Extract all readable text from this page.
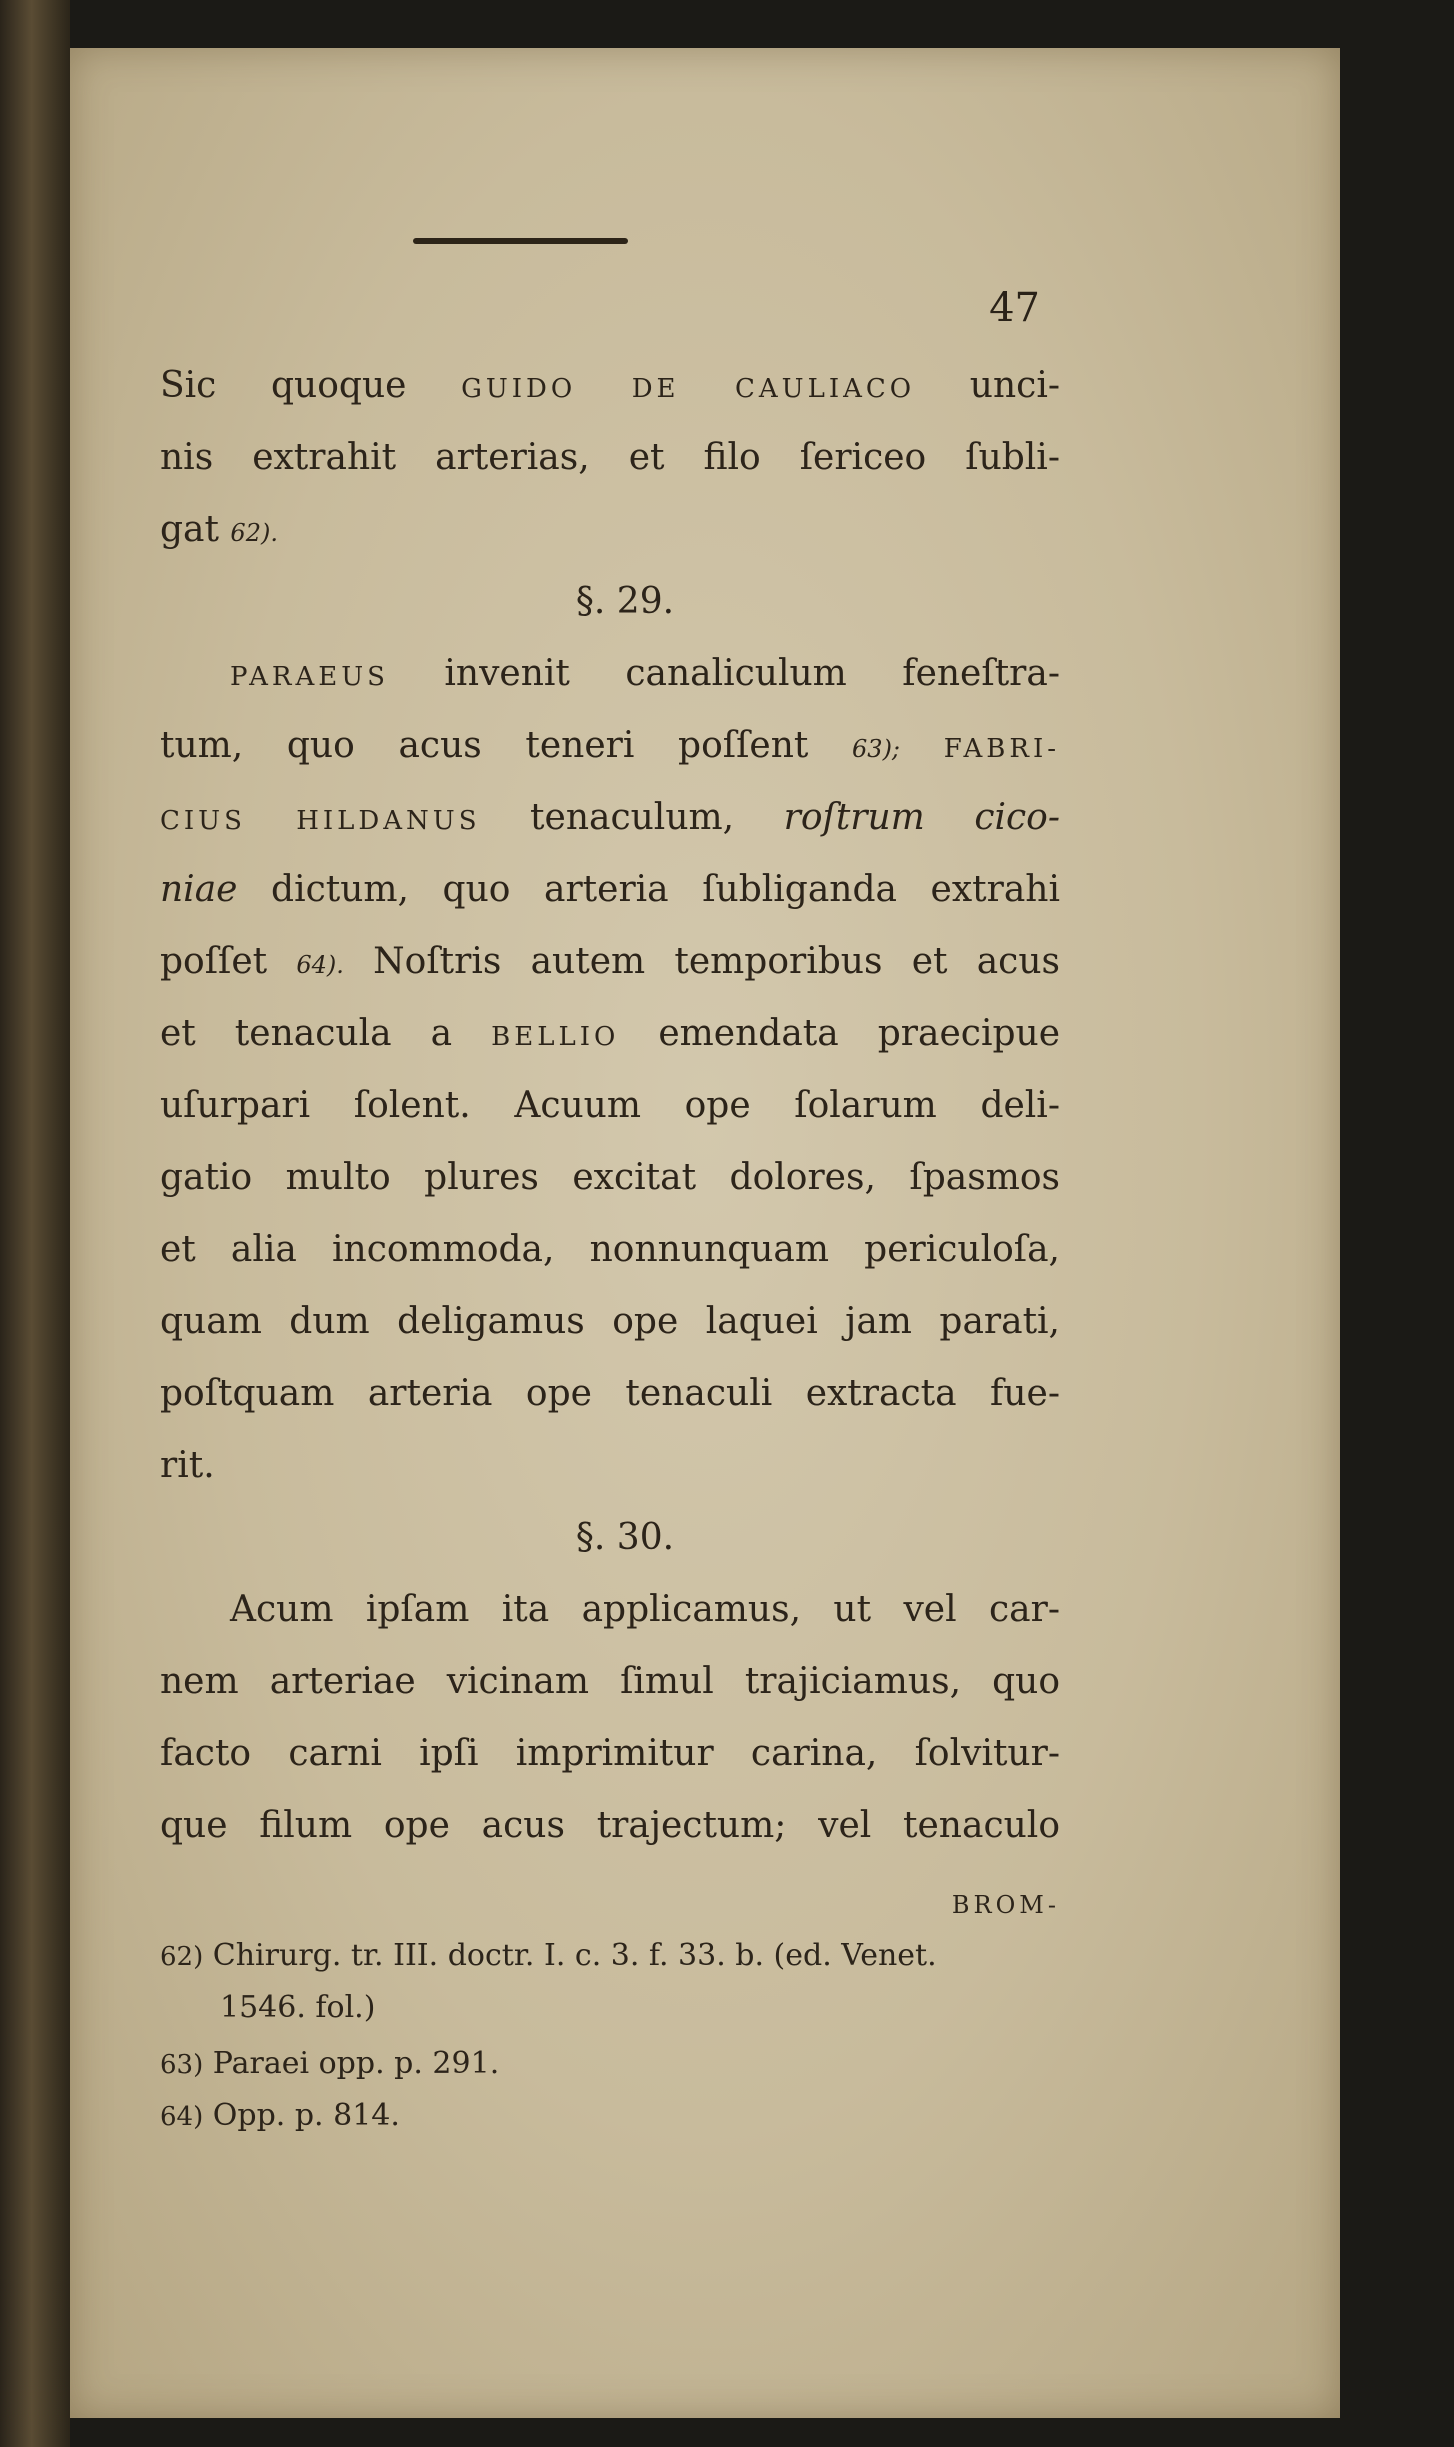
47
Sic quoque GUIDO DE CAULIACO unci-
nis extrahit arterias, et filo ſericeo ſubli-
gat 62).
§. 29.
PARAEUS invenit canaliculum feneſtra-
tum, quo acus teneri poſſent 63); FABRI-
CIUS HILDANUS tenaculum, roſtrum cico-
niae dictum, quo arteria ſubliganda extrahi
poſſet 64). Noſtris autem temporibus et acus
et tenacula a BELLIO emendata praecipue
uſurpari ſolent. Acuum ope ſolarum deli-
gatio multo plures excitat dolores, ſpasmos
et alia incommoda, nonnunquam periculoſa,
quam dum deligamus ope laquei jam parati,
poſtquam arteria ope tenaculi extracta fue-
rit.
§. 30.
Acum ipſam ita applicamus, ut vel car-
nem arteriae vicinam ſimul trajiciamus, quo
facto carni ipſi imprimitur carina, ſolvitur-
que filum ope acus trajectum; vel tenaculo
BROM-
62) Chirurg. tr. III. doctr. I. c. 3. f. 33. b. (ed. Venet.
1546. fol.)
63) Paraei opp. p. 291.
64) Opp. p. 814.
